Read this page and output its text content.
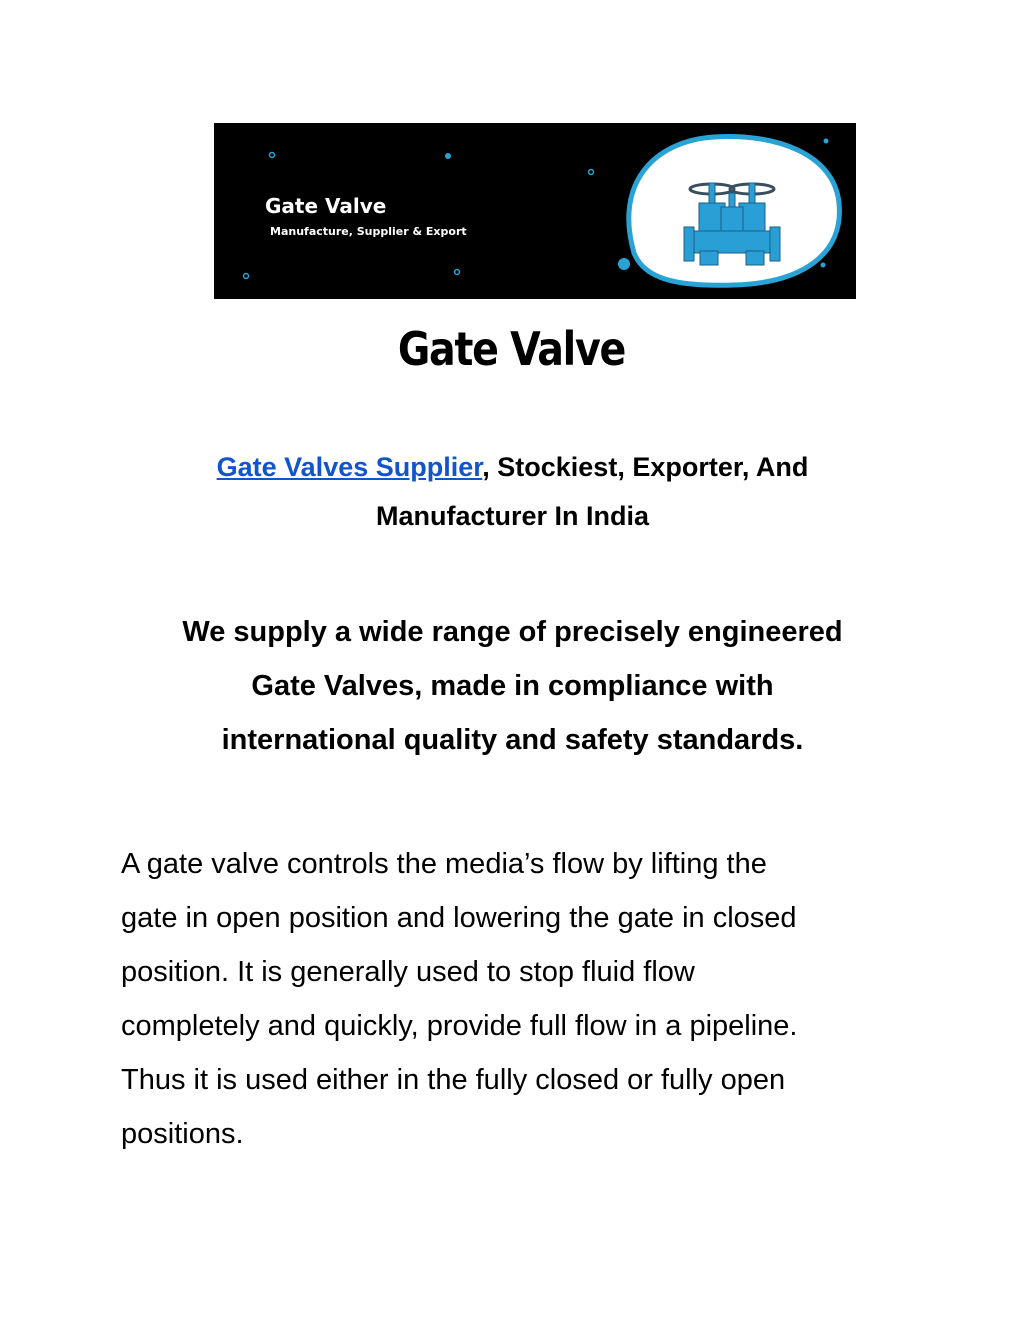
Gate Valve
Manufacture, Supplier & Export
Gate Valve

Gate Valves Supplier, Stockiest, Exporter, And
Manufacturer In India

We supply a wide range of precisely engineered
Gate Valves, made in compliance with
international quality and safety standards.

A gate valve controls the media’s flow by lifting the
gate in open position and lowering the gate in closed
position. It is generally used to stop fluid flow
completely and quickly, provide full flow in a pipeline.
Thus it is used either in the fully closed or fully open
positions.
